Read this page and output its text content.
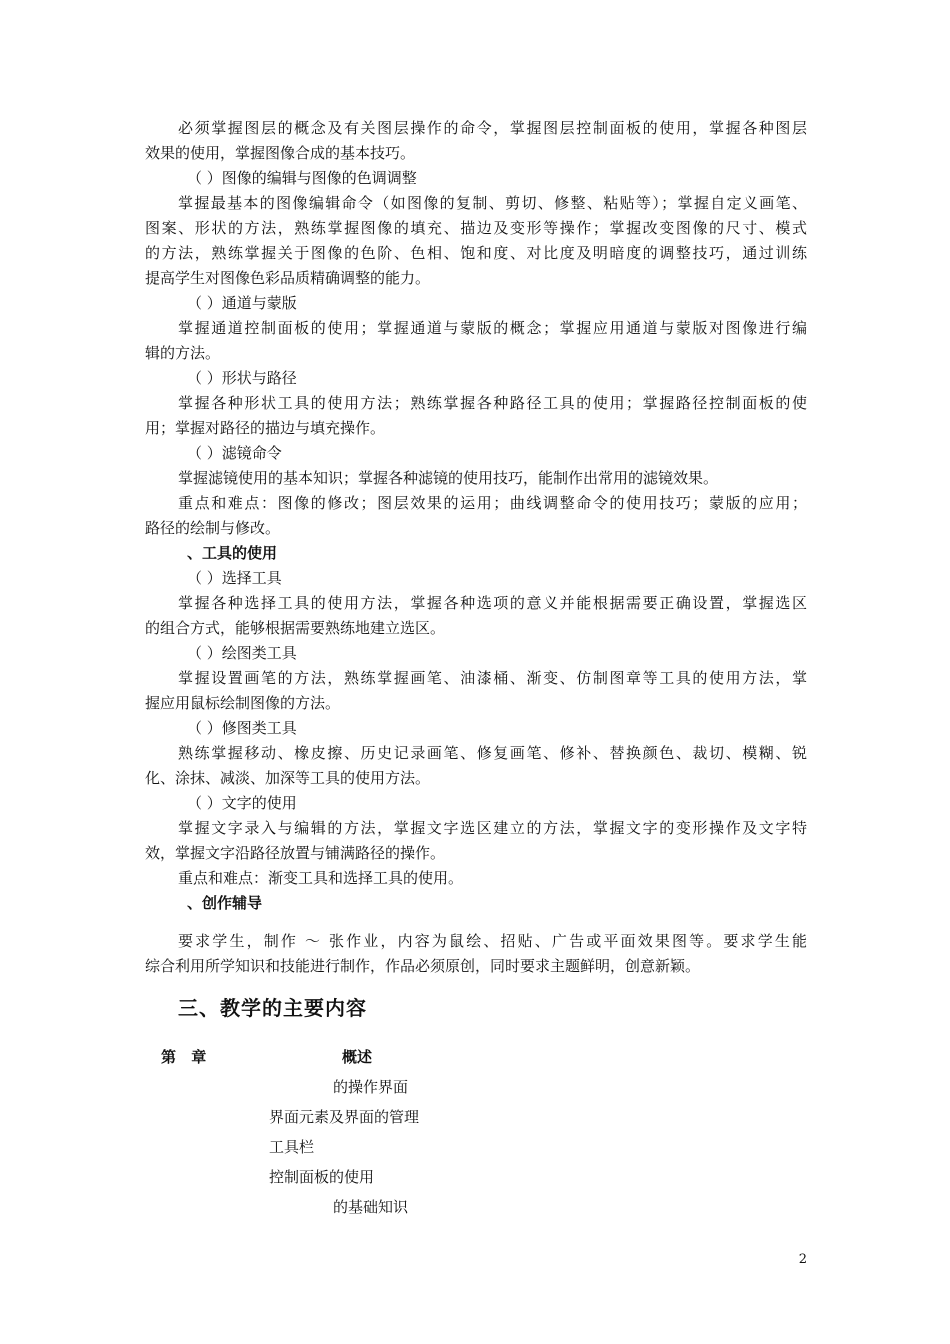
必须掌握图层的概念及有关图层操作的命令，掌握图层控制面板的使用，掌握各种图层
效果的使用，掌握图像合成的基本技巧。
（ ）图像的编辑与图像的色调调整
掌握最基本的图像编辑命令（如图像的复制、剪切、修整、粘贴等）；掌握自定义画笔、
图案、形状的方法，熟练掌握图像的填充、描边及变形等操作；掌握改变图像的尺寸、模式
的方法，熟练掌握关于图像的色阶、色相、饱和度、对比度及明暗度的调整技巧，通过训练
提高学生对图像色彩品质精确调整的能力。
（ ）通道与蒙版
掌握通道控制面板的使用；掌握通道与蒙版的概念；掌握应用通道与蒙版对图像进行编
辑的方法。
（ ）形状与路径
掌握各种形状工具的使用方法；熟练掌握各种路径工具的使用；掌握路径控制面板的使
用；掌握对路径的描边与填充操作。
（ ）滤镜命令
掌握滤镜使用的基本知识；掌握各种滤镜的使用技巧，能制作出常用的滤镜效果。
重点和难点：图像的修改；图层效果的运用；曲线调整命令的使用技巧；蒙版的应用；
路径的绘制与修改。
、工具的使用
（ ）选择工具
掌握各种选择工具的使用方法，掌握各种选项的意义并能根据需要正确设置，掌握选区
的组合方式，能够根据需要熟练地建立选区。
（ ）绘图类工具
掌握设置画笔的方法，熟练掌握画笔、油漆桶、渐变、仿制图章等工具的使用方法，掌
握应用鼠标绘制图像的方法。
（ ）修图类工具
熟练掌握移动、橡皮擦、历史记录画笔、修复画笔、修补、替换颜色、裁切、模糊、锐
化、涂抹、减淡、加深等工具的使用方法。
（ ）文字的使用
掌握文字录入与编辑的方法，掌握文字选区建立的方法，掌握文字的变形操作及文字特
效，掌握文字沿路径放置与铺满路径的操作。
重点和难点：渐变工具和选择工具的使用。
、创作辅导
要求学生，制作 ～ 张作业，内容为鼠绘、招贴、广告或平面效果图等。要求学生能
综合利用所学知识和技能进行制作，作品必须原创，同时要求主题鲜明，创意新颖。
三、教学的主要内容
第 章	概述
的操作界面
界面元素及界面的管理
工具栏
控制面板的使用
的基础知识
2
